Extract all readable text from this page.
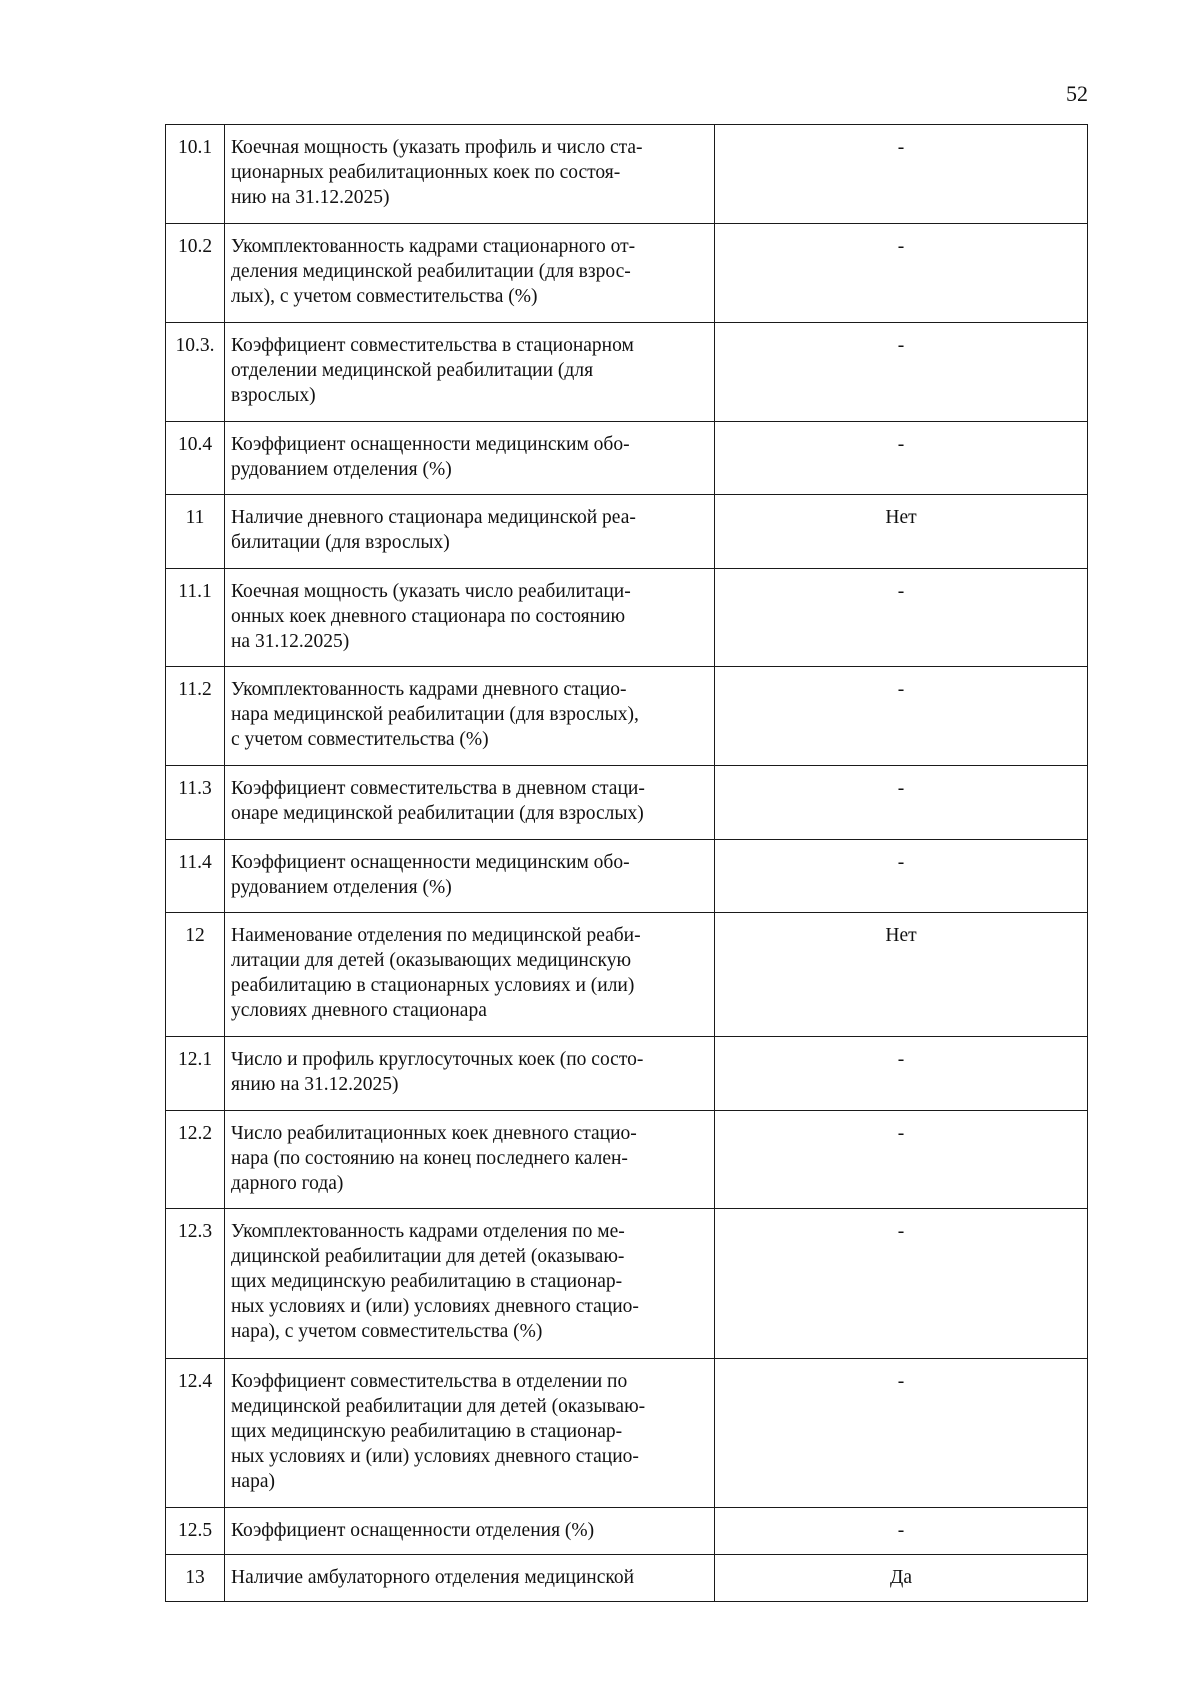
52
10.1	Коечная мощность (указать профиль и число ста-
ционарных реабилитационных коек по состоя-
нию на 31.12.2025)	-
10.2	Укомплектованность кадрами стационарного от-
деления медицинской реабилитации (для взрос-
лых), с учетом совместительства (%)	-
10.3.	Коэффициент совместительства в стационарном
отделении медицинской реабилитации (для
взрослых)	-
10.4	Коэффициент оснащенности медицинским обо-
рудованием отделения (%)	-
11	Наличие дневного стационара медицинской реа-
билитации (для взрослых)	Нет
11.1	Коечная мощность (указать число реабилитаци-
онных коек дневного стационара по состоянию
на 31.12.2025)	-
11.2	Укомплектованность кадрами дневного стацио-
нара медицинской реабилитации (для взрослых),
с учетом совместительства (%)	-
11.3	Коэффициент совместительства в дневном стаци-
онаре медицинской реабилитации (для взрослых)	-
11.4	Коэффициент оснащенности медицинским обо-
рудованием отделения (%)	-
12	Наименование отделения по медицинской реаби-
литации для детей (оказывающих медицинскую
реабилитацию в стационарных условиях и (или)
условиях дневного стационара	Нет
12.1	Число и профиль круглосуточных коек (по состо-
янию на 31.12.2025)	-
12.2	Число реабилитационных коек дневного стацио-
нара (по состоянию на конец последнего кален-
дарного года)	-
12.3	Укомплектованность кадрами отделения по ме-
дицинской реабилитации для детей (оказываю-
щих медицинскую реабилитацию в стационар-
ных условиях и (или) условиях дневного стацио-
нара), с учетом совместительства (%)	-
12.4	Коэффициент совместительства в отделении по
медицинской реабилитации для детей (оказываю-
щих медицинскую реабилитацию в стационар-
ных условиях и (или) условиях дневного стацио-
нара)	-
12.5	Коэффициент оснащенности отделения (%)	-
13	Наличие амбулаторного отделения медицинской	Да
